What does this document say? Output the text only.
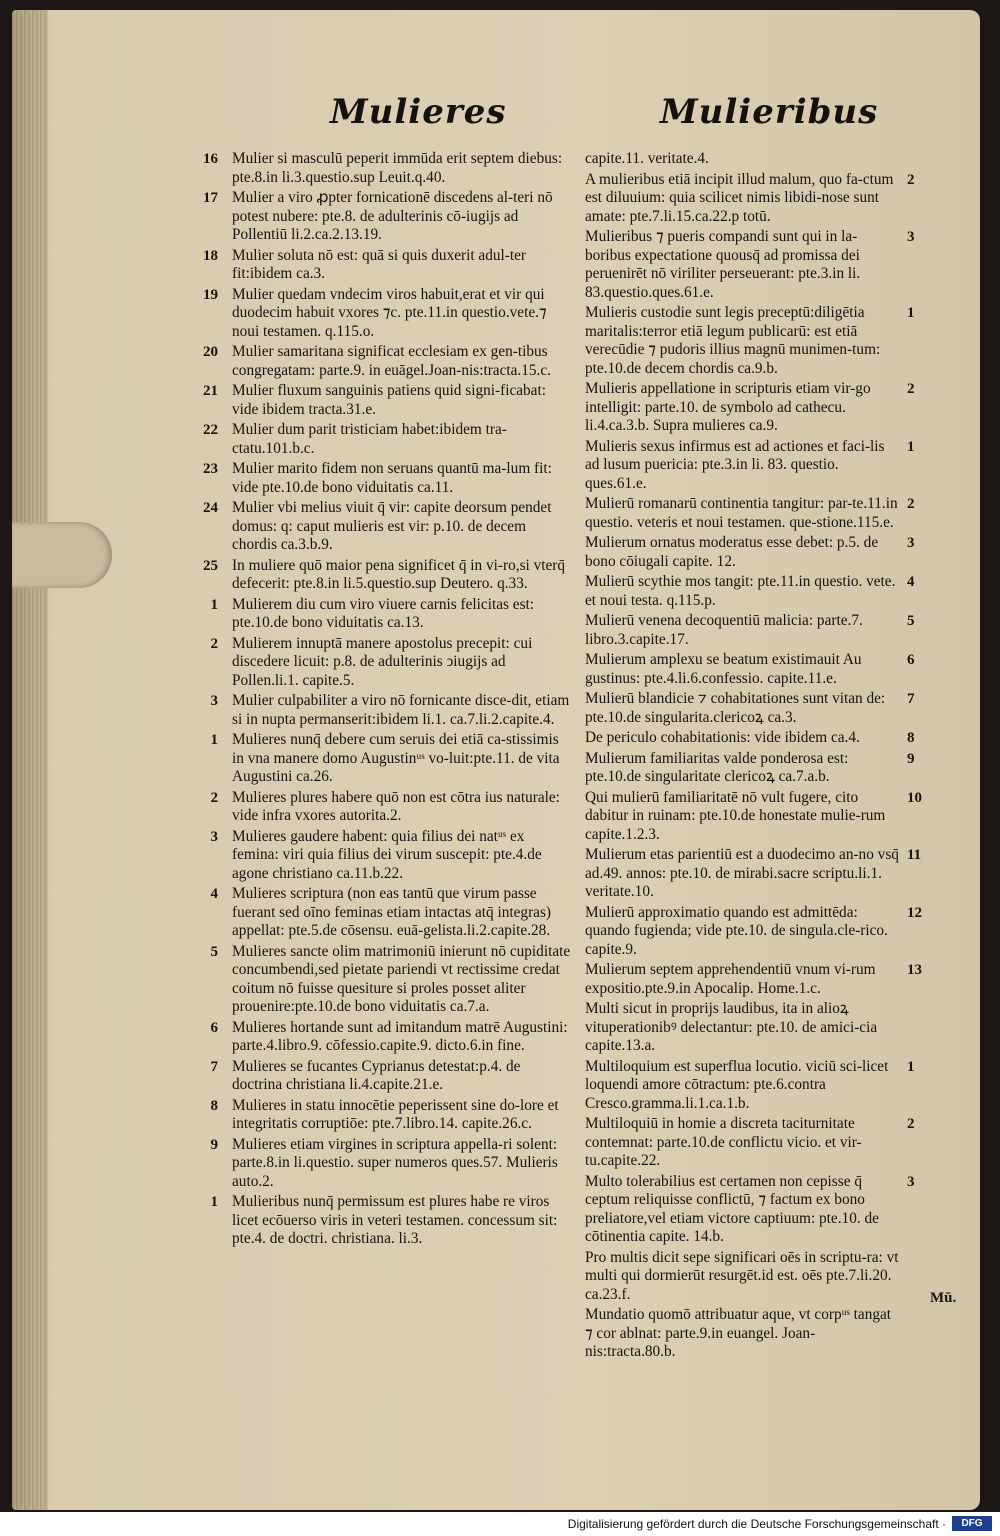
Mulieres	Mulieribus
16 Mulier si masculū peperit immūda erit septem diebus: pte.8.in li.3.questio.sup Leuit.q.40.
17 Mulier a viro ꝓpter fornicationē discedens al-teri nō potest nubere: pte.8. de adulterinis cō-iugijs ad Pollentiū li.2.ca.2.13.19.
18 Mulier soluta nō est: quā si quis duxerit adul-ter fit:ibidem ca.3.
19 Mulier quedam vndecim viros habuit,erat et vir qui duodecim habuit vxores ⁊c. pte.11.in questio.vete.⁊ noui testamen. q.115.o.
20 Mulier samaritana significat ecclesiam ex gen-tibus congregatam: parte.9. in euāgel.Joan-nis:tracta.15.c.
21 Mulier fluxum sanguinis patiens quid signi-ficabat: vide ibidem tracta.31.e.
22 Mulier dum parit tristiciam habet:ibidem tra-ctatu.101.b.c.
23 Mulier marito fidem non seruans quantū ma-lum fit: vide pte.10.de bono viduitatis ca.11.
24 Mulier vbi melius viuit q̄ vir: capite deorsum pendet domus: q: caput mulieris est vir: p.10. de decem chordis ca.3.b.9.
25 In muliere quō maior pena significet q̄ in vi-ro,si vterq̄ defecerit: pte.8.in li.5.questio.sup Deutero. q.33.
1 Mulierem diu cum viro viuere carnis felicitas est: pte.10.de bono viduitatis ca.13.
2 Mulierem innuptā manere apostolus precepit: cui discedere licuit: p.8. de adulterinis ↄiugijs ad Pollen.li.1. capite.5.
3 Mulier culpabiliter a viro nō fornicante disce-dit, etiam si in nupta permanserit:ibidem li.1. ca.7.li.2.capite.4.
1 Mulieres nunq̄ debere cum seruis dei etiā ca-stissimis in vna manere domo Augustinᵘˢ vo-luit:pte.11. de vita Augustini ca.26.
2 Mulieres plures habere quō non est cōtra ius naturale: vide infra vxores autorita.2.
3 Mulieres gaudere habent: quia filius dei natᵘˢ ex femina: viri quia filius dei virum suscepit: pte.4.de agone christiano ca.11.b.22.
4 Mulieres scriptura (non eas tantū que virum passe fuerant sed oīno feminas etiam intactas atq̄ integras) appellat: pte.5.de cōsensu. euā-gelista.li.2.capite.28.
5 Mulieres sancte olim matrimoniū inierunt nō cupiditate concumbendi,sed pietate pariendi vt rectissime credat coitum nō fuisse quesiture si proles posset aliter prouenire:pte.10.de bono viduitatis ca.7.a.
6 Mulieres hortande sunt ad imitandum matrē Augustini: parte.4.libro.9. cōfessio.capite.9. dicto.6.in fine.
7 Mulieres se fucantes Cyprianus detestat:p.4. de doctrina christiana li.4.capite.21.e.
8 Mulieres in statu innocētie peperissent sine do-lore et integritatis corruptiōe: pte.7.libro.14. capite.26.c.
9 Mulieres etiam virgines in scriptura appella-ri solent: parte.8.in li.questio. super numeros ques.57. Mulieris auto.2.
1 Mulieribus nunq̄ permissum est plures habe re viros licet ecōuerso viris in veteri testamen. concessum sit: pte.4. de doctri. christiana. li.3.
capite.11. veritate.4.
2
A mulieribus etiā incipit illud malum, quo fa-ctum est diluuium: quia scilicet nimis libidi-nose sunt amate: pte.7.li.15.ca.22.p totū.
3
Mulieribus ⁊ pueris compandi sunt qui in la-boribus expectatione quousq̄ ad promissa dei peruenirēt nō viriliter perseuerant: pte.3.in li. 83.questio.ques.61.e.
1
Mulieris custodie sunt legis preceptū:diligētia maritalis:terror etiā legum publicarū: est etiā verecūdie ⁊ pudoris illius magnū munimen-tum: pte.10.de decem chordis ca.9.b.
2
Mulieris appellatione in scripturis etiam vir-go intelligit: parte.10. de symbolo ad cathecu. li.4.ca.3.b. Supra mulieres ca.9.
1
Mulieris sexus infirmus est ad actiones et faci-lis ad lusum puericia: pte.3.in li. 83. questio. ques.61.e.
2
Mulierū romanarū continentia tangitur: par-te.11.in questio. veteris et noui testamen. que-stione.115.e.
3
Mulierum ornatus moderatus esse debet: p.5. de bono cōiugali capite. 12.
4
Mulierū scythie mos tangit: pte.11.in questio. vete. et noui testa. q.115.p.
5
Mulierū venena decoquentiū malicia: parte.7. libro.3.capite.17.
6
Mulierum amplexu se beatum existimauit Au gustinus: pte.4.li.6.confessio. capite.11.e.
7
Mulierū blandicie ⁊ cohabitationes sunt vitan de: pte.10.de singularita.clericoꝝ ca.3.
8
De periculo cohabitationis: vide ibidem ca.4.
9
Mulierum familiaritas valde ponderosa est: pte.10.de singularitate clericoꝝ ca.7.a.b.
10
Qui mulierū familiaritatē nō vult fugere, cito dabitur in ruinam: pte.10.de honestate mulie-rum capite.1.2.3.
11
Mulierum etas parientiū est a duodecimo an-no vsq̄ ad.49. annos: pte.10. de mirabi.sacre scriptu.li.1. veritate.10.
12
Mulierū approximatio quando est admittēda: quando fugienda; vide pte.10. de singula.cle-rico. capite.9.
13
Mulierum septem apprehendentiū vnum vi-rum expositio.pte.9.in Apocalip. Home.1.c.
Multi sicut in proprijs laudibus, ita in alioꝝ vituperationibꝰ delectantur: pte.10. de amici-cia capite.13.a.
1
Multiloquium est superflua locutio. viciū sci-licet loquendi amore cōtractum: pte.6.contra Cresco.gramma.li.1.ca.1.b.
2
Multiloquiū in homie a discreta taciturnitate contemnat: parte.10.de conflictu vicio. et vir-tu.capite.22.
3
Multo tolerabilius est certamen non cepisse q̄ ceptum reliquisse conflictū, ⁊ factum ex bono preliatore,vel etiam victore captiuum: pte.10. de cōtinentia capite. 14.b.
Pro multis dicit sepe significari oēs in scriptu-ra: vt multi qui dormierūt resurgēt.id est. oēs pte.7.li.20. ca.23.f.
Mundatio quomō attribuatur aque, vt corpᵘˢ tangat ⁊ cor ablnat: parte.9.in euangel. Joan-nis:tracta.80.b.
Mū.
Digitalisierung gefördert durch die Deutsche Forschungsgemeinschaft ·	DFG
